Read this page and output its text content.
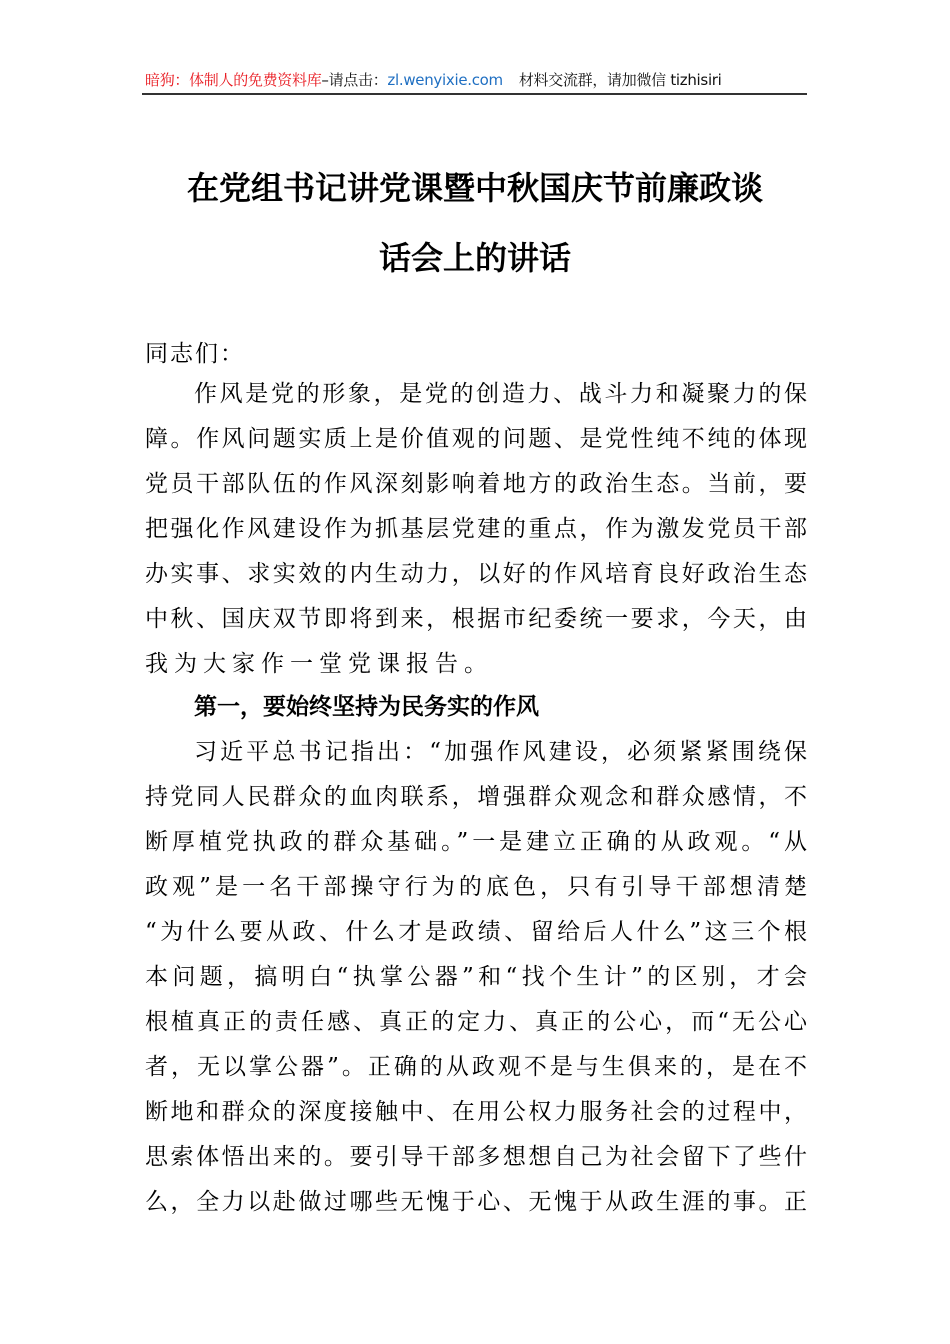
暗狗：体制人的免费资料库–请点击：zl.wenyixie.com 材料交流群，请加微信 tizhisiri
在党组书记讲党课暨中秋国庆节前廉政谈
话会上的讲话
同志们：
作风是党的形象，是党的创造力、战斗力和凝聚力的保
障。作风问题实质上是价值观的问题、是党性纯不纯的体现
党员干部队伍的作风深刻影响着地方的政治生态。当前，要
把强化作风建设作为抓基层党建的重点，作为激发党员干部
办实事、求实效的内生动力，以好的作风培育良好政治生态
中秋、国庆双节即将到来，根据市纪委统一要求，今天，由
我为大家作一堂党课报告。
第一，要始终坚持为民务实的作风
习近平总书记指出：“加强作风建设，必须紧紧围绕保
持党同人民群众的血肉联系，增强群众观念和群众感情，不
断厚植党执政的群众基础。”一是建立正确的从政观。“从
政观”是一名干部操守行为的底色，只有引导干部想清楚
“为什么要从政、什么才是政绩、留给后人什么”这三个根
本问题，搞明白“执掌公器”和“找个生计”的区别，才会
根植真正的责任感、真正的定力、真正的公心，而“无公心
者，无以掌公器”。正确的从政观不是与生俱来的，是在不
断地和群众的深度接触中、在用公权力服务社会的过程中，
思索体悟出来的。要引导干部多想想自己为社会留下了些什
么，全力以赴做过哪些无愧于心、无愧于从政生涯的事。正
